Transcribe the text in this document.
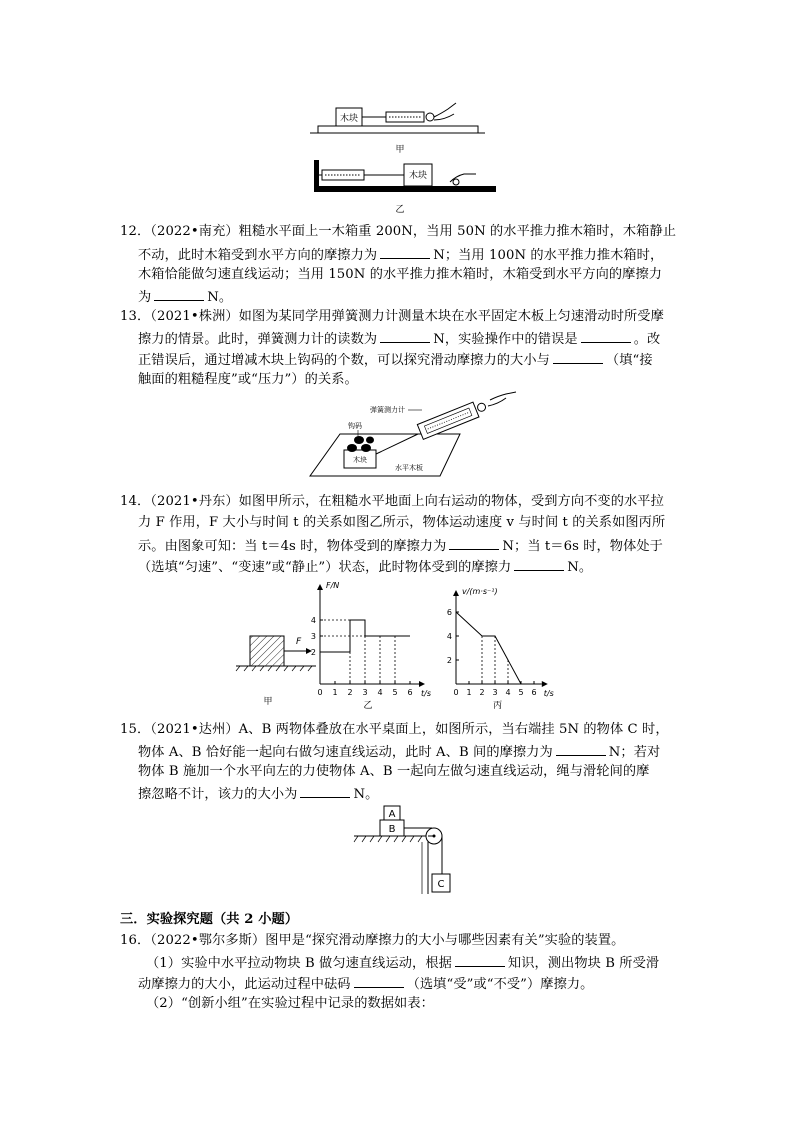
木块
甲
木块
乙
12．（2022•南充）粗糙水平面上一木箱重 200N，当用 50N 的水平推力推木箱时，木箱静止
不动，此时木箱受到水平方向的摩擦力为	N；当用 100N 的水平推力推木箱时，
木箱恰能做匀速直线运动；当用 150N 的水平推力推木箱时，木箱受到水平方向的摩擦力
为	N。
13．（2021•株洲）如图为某同学用弹簧测力计测量木块在水平固定木板上匀速滑动时所受摩
擦力的情景。此时，弹簧测力计的读数为	N，实验操作中的错误是	。改
正错误后，通过增减木块上钩码的个数，可以探究滑动摩擦力的大小与	（填“接
触面的粗糙程度”或“压力”）的关系。
水平木板
木块
钩码
弹簧测力计
14．（2021•丹东）如图甲所示，在粗糙水平地面上向右运动的物体，受到方向不变的水平拉
力 F 作用，F 大小与时间 t 的关系如图乙所示，物体运动速度 v 与时间 t 的关系如图丙所
示。由图象可知：当 t＝4s 时，物体受到的摩擦力为	N；当 t＝6s 时，物体处于
（选填“匀速”、“变速”或“静止”）状态，此时物体受到的摩擦力	N。
F
甲
F/N
t/s
0 1 2 3 4 5 6
2
3
4
乙
v/(m·s⁻¹)
t/s
0 1 2 3 4 5 6
2
4
6
丙
15．（2021•达州）A、B 两物体叠放在水平桌面上，如图所示，当右端挂 5N 的物体 C 时，
物体 A、B 恰好能一起向右做匀速直线运动，此时 A、B 间的摩擦力为	N；若对
物体 B 施加一个水平向左的力使物体 A、B 一起向左做匀速直线运动，绳与滑轮间的摩
擦忽略不计，该力的大小为	N。
B
A
C
三．实验探究题（共 2 小题）
16．（2022•鄂尔多斯）图甲是“探究滑动摩擦力的大小与哪些因素有关”实验的装置。
（1）实验中水平拉动物块 B 做匀速直线运动，根据	知识，测出物块 B 所受滑
动摩擦力的大小，此运动过程中砝码	（选填“受”或“不受”）摩擦力。
（2）“创新小组”在实验过程中记录的数据如表：
